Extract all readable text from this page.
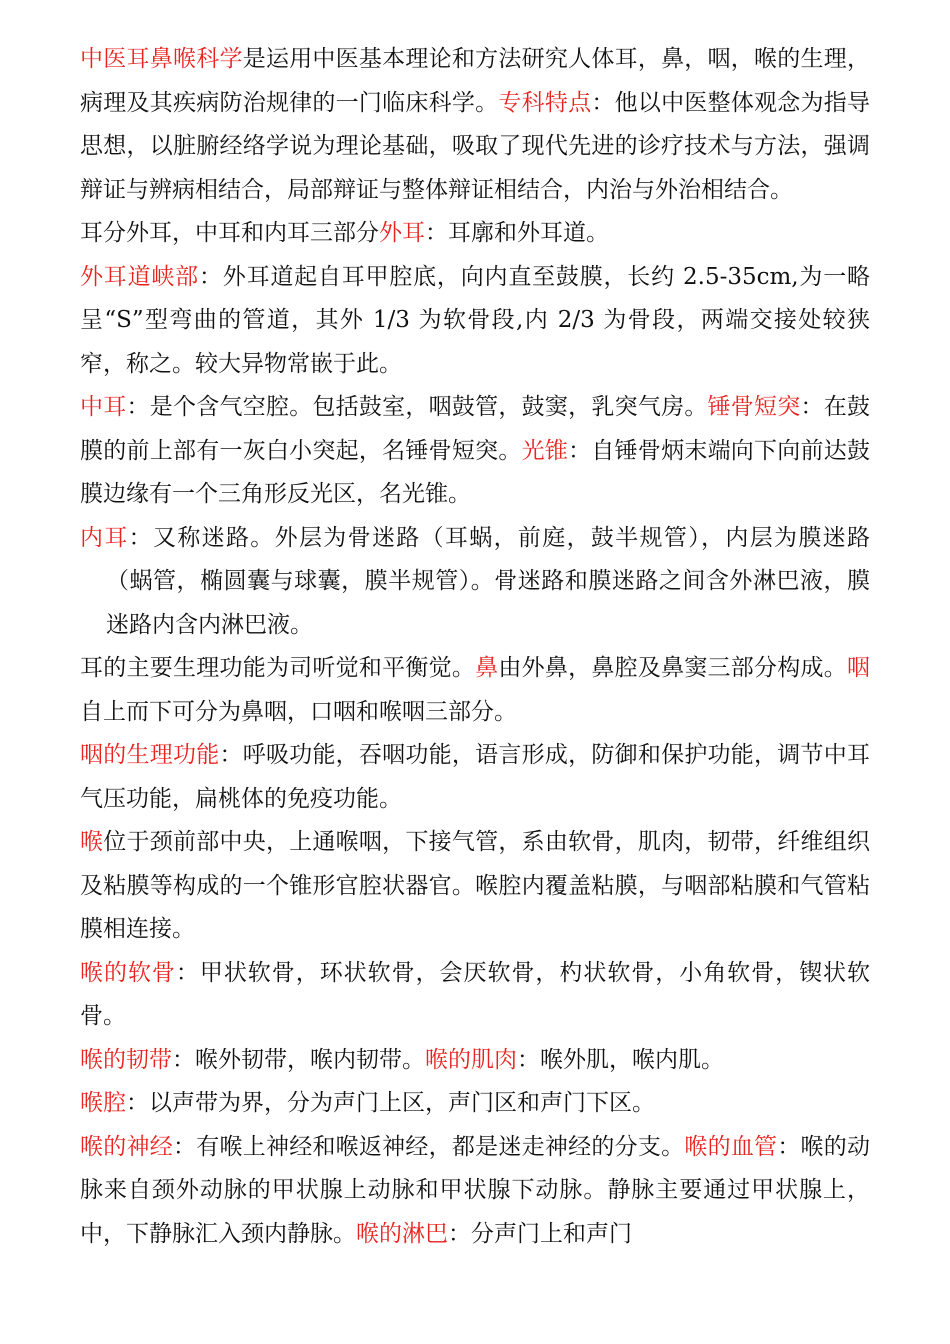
中医耳鼻喉科学是运用中医基本理论和方法研究人体耳，鼻，咽，喉的生理，病理及其疾病防治规律的一门临床科学。专科特点：他以中医整体观念为指导思想，以脏腑经络学说为理论基础，吸取了现代先进的诊疗技术与方法，强调辩证与辨病相结合，局部辩证与整体辩证相结合，内治与外治相结合。

耳分外耳，中耳和内耳三部分外耳：耳廓和外耳道。

外耳道峡部：外耳道起自耳甲腔底，向内直至鼓膜，长约 2.5-35cm,为一略呈“S”型弯曲的管道，其外 1/3 为软骨段,内 2/3 为骨段，两端交接处较狭窄，称之。较大异物常嵌于此。

中耳：是个含气空腔。包括鼓室，咽鼓管，鼓窦，乳突气房。锤骨短突：在鼓膜的前上部有一灰白小突起，名锤骨短突。光锥：自锤骨炳末端向下向前达鼓膜边缘有一个三角形反光区，名光锥。

内耳：又称迷路。外层为骨迷路（耳蜗，前庭，鼓半规管），内层为膜迷路（蜗管，椭圆囊与球囊，膜半规管）。骨迷路和膜迷路之间含外淋巴液，膜迷路内含内淋巴液。

耳的主要生理功能为司听觉和平衡觉。鼻由外鼻，鼻腔及鼻窦三部分构成。咽自上而下可分为鼻咽，口咽和喉咽三部分。

咽的生理功能：呼吸功能，吞咽功能，语言形成，防御和保护功能，调节中耳气压功能，扁桃体的免疫功能。

喉位于颈前部中央，上通喉咽，下接气管，系由软骨，肌肉，韧带，纤维组织及粘膜等构成的一个锥形官腔状器官。喉腔内覆盖粘膜，与咽部粘膜和气管粘膜相连接。

喉的软骨：甲状软骨，环状软骨，会厌软骨，杓状软骨，小角软骨，锲状软骨。

喉的韧带：喉外韧带，喉内韧带。喉的肌肉：喉外肌，喉内肌。

喉腔：以声带为界，分为声门上区，声门区和声门下区。

喉的神经：有喉上神经和喉返神经，都是迷走神经的分支。喉的血管：喉的动脉来自颈外动脉的甲状腺上动脉和甲状腺下动脉。静脉主要通过甲状腺上，中，下静脉汇入颈内静脉。喉的淋巴：分声门上和声门
